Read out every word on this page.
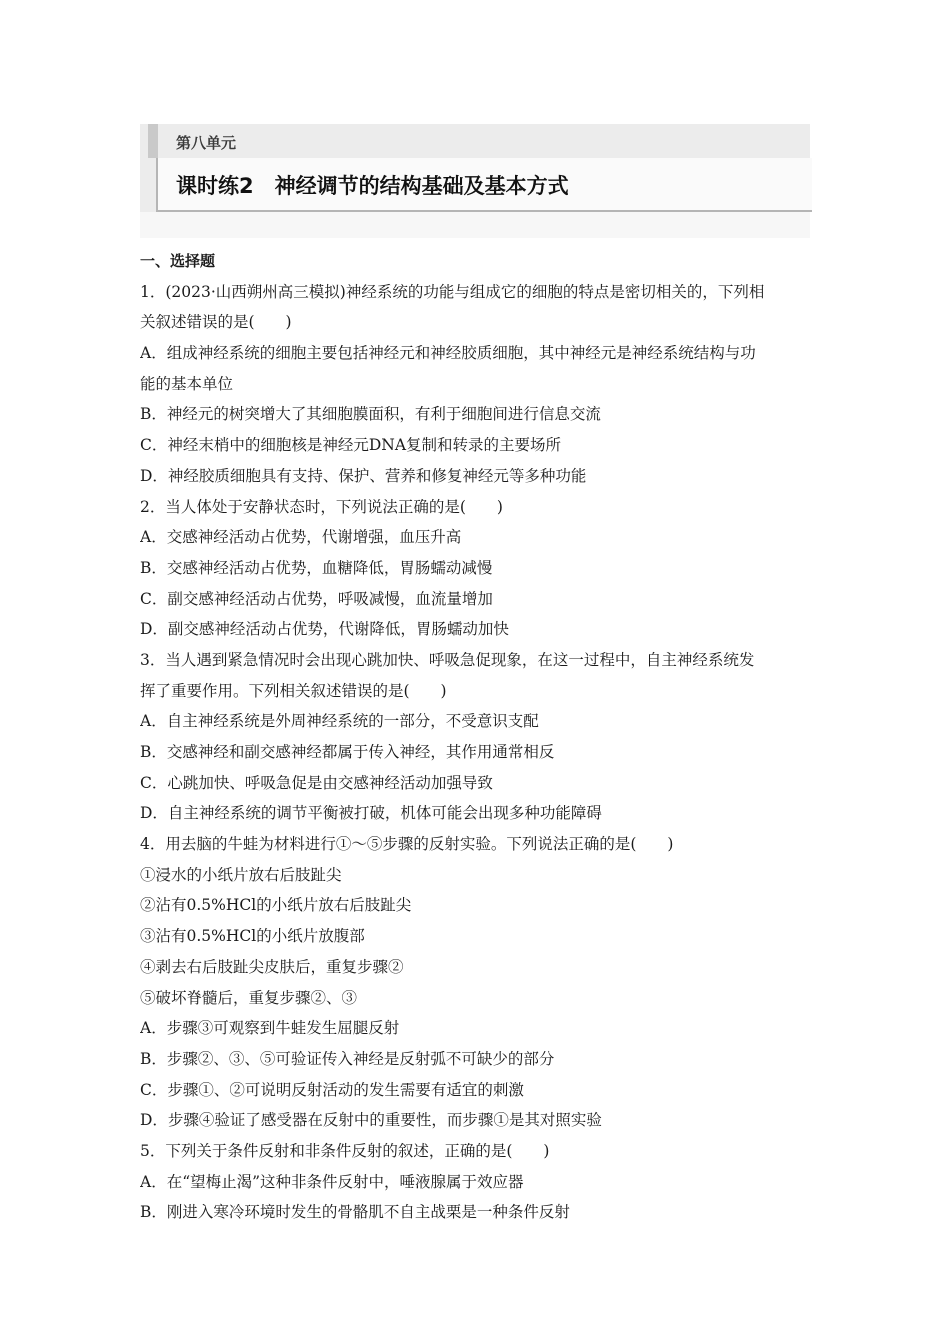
第八单元
课时练2　神经调节的结构基础及基本方式
一、选择题
1．(2023·山西朔州高三模拟)神经系统的功能与组成它的细胞的特点是密切相关的，下列相
关叙述错误的是(　　)
A．组成神经系统的细胞主要包括神经元和神经胶质细胞，其中神经元是神经系统结构与功
能的基本单位
B．神经元的树突增大了其细胞膜面积，有利于细胞间进行信息交流
C．神经末梢中的细胞核是神经元DNA复制和转录的主要场所
D．神经胶质细胞具有支持、保护、营养和修复神经元等多种功能
2．当人体处于安静状态时，下列说法正确的是(　　)
A．交感神经活动占优势，代谢增强，血压升高
B．交感神经活动占优势，血糖降低，胃肠蠕动减慢
C．副交感神经活动占优势，呼吸减慢，血流量增加
D．副交感神经活动占优势，代谢降低，胃肠蠕动加快
3．当人遇到紧急情况时会出现心跳加快、呼吸急促现象，在这一过程中，自主神经系统发
挥了重要作用。下列相关叙述错误的是(　　)
A．自主神经系统是外周神经系统的一部分，不受意识支配
B．交感神经和副交感神经都属于传入神经，其作用通常相反
C．心跳加快、呼吸急促是由交感神经活动加强导致
D．自主神经系统的调节平衡被打破，机体可能会出现多种功能障碍
4．用去脑的牛蛙为材料进行①～⑤步骤的反射实验。下列说法正确的是(　　)
①浸水的小纸片放右后肢趾尖
②沾有0.5%HCl的小纸片放右后肢趾尖
③沾有0.5%HCl的小纸片放腹部
④剥去右后肢趾尖皮肤后，重复步骤②
⑤破坏脊髓后，重复步骤②、③
A．步骤③可观察到牛蛙发生屈腿反射
B．步骤②、③、⑤可验证传入神经是反射弧不可缺少的部分
C．步骤①、②可说明反射活动的发生需要有适宜的刺激
D．步骤④验证了感受器在反射中的重要性，而步骤①是其对照实验
5．下列关于条件反射和非条件反射的叙述，正确的是(　　)
A．在“望梅止渴”这种非条件反射中，唾液腺属于效应器
B．刚进入寒冷环境时发生的骨骼肌不自主战栗是一种条件反射
